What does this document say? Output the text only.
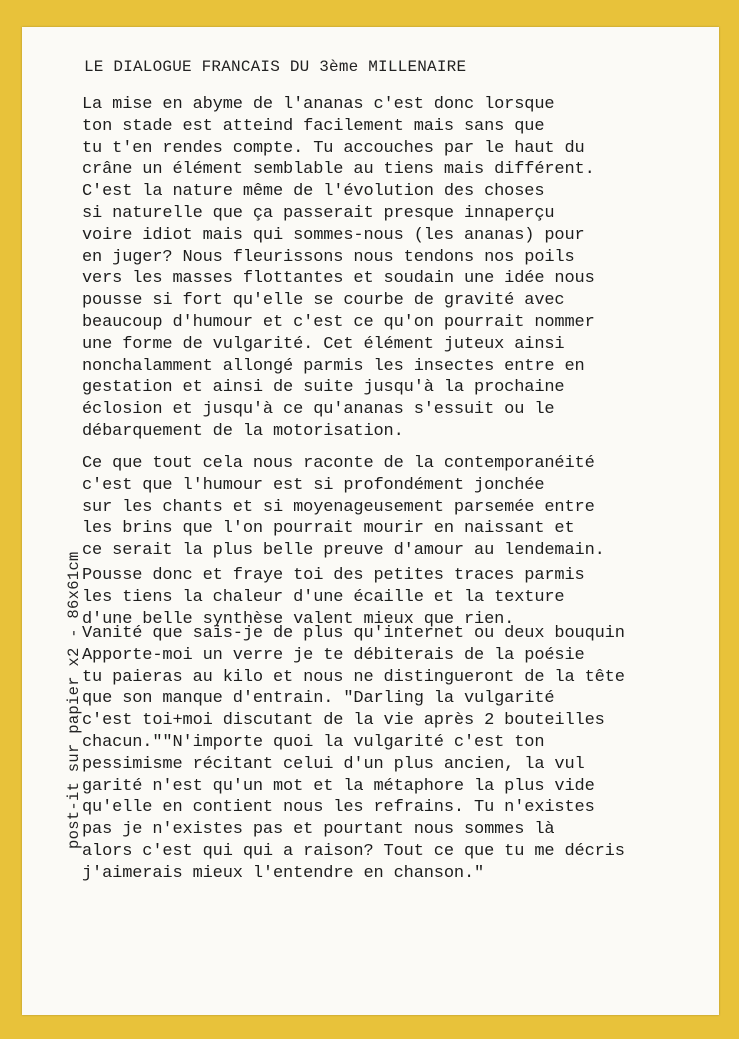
LE DIALOGUE FRANCAIS DU 3ème MILLENAIRE
La mise en abyme de l'ananas c'est donc lorsque
ton stade est atteind facilement mais sans que
tu t'en rendes compte. Tu accouches par le haut du
crâne un élément semblable au tiens mais différent.
C'est la nature même de l'évolution des choses
si naturelle que ça passerait presque innaperçu
voire idiot mais qui sommes-nous (les ananas) pour
en juger? Nous fleurissons nous tendons nos poils
vers les masses flottantes et soudain une idée nous
pousse si fort qu'elle se courbe de gravité avec
beaucoup d'humour et c'est ce qu'on pourrait nommer
une forme de vulgarité. Cet élément juteux ainsi
nonchalamment allongé parmis les insectes entre en
gestation et ainsi de suite jusqu'à la prochaine
éclosion et jusqu'à ce qu'ananas s'essuit ou le
débarquement de la motorisation.
Ce que tout cela nous raconte de la contemporanéité
c'est que l'humour est si profondément jonchée
sur les chants et si moyenageusement parsemée entre
les brins que l'on pourrait mourir en naissant et
ce serait la plus belle preuve d'amour au lendemain.
Pousse donc et fraye toi des petites traces parmis
les tiens la chaleur d'une écaille et la texture
d'une belle synthèse valent mieux que rien.
Vanité que sais-je de plus qu'internet ou deux bouquin
Apporte-moi un verre je te débiterais de la poésie
tu paieras au kilo et nous ne distingueront de la tête
que son manque d'entrain. "Darling la vulgarité
c'est toi+moi discutant de la vie après 2 bouteilles
chacun.""N'importe quoi la vulgarité c'est ton
pessimisme récitant celui d'un plus ancien, la vul
garité n'est qu'un mot et la métaphore la plus vide
qu'elle en contient nous les refrains. Tu n'existes
pas je n'existes pas et pourtant nous sommes là
alors c'est qui qui a raison? Tout ce que tu me décris
j'aimerais mieux l'entendre en chanson."
post-it sur papier x2 - 86x61cm
